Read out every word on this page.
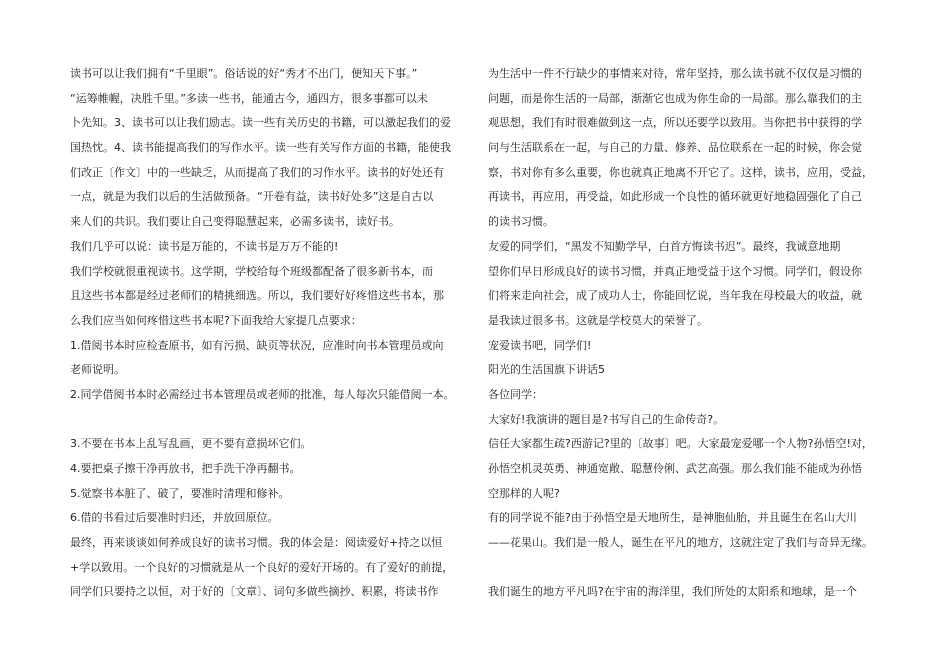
读书可以让我们拥有“千里眼”。俗话说的好“秀才不出门，便知天下事。”
“运筹帷幄，决胜千里。”多读一些书，能通古今，通四方，很多事都可以未
卜先知。3、读书可以让我们励志。读一些有关历史的书籍，可以激起我们的爱
国热忱。4、读书能提高我们的写作水平。读一些有关写作方面的书籍，能使我
们改正〔作文〕中的一些缺乏，从而提高了我们的习作水平。读书的好处还有
一点，就是为我们以后的生活做预备。“开卷有益，读书好处多”这是自古以
来人们的共识。我们要让自己变得聪慧起来，必需多读书，读好书。
我们几乎可以说：读书是万能的，不读书是万万不能的!
我们学校就很重视读书。这学期，学校给每个班级都配备了很多新书本，而
且这些书本都是经过老师们的精挑细选。所以，我们要好好疼惜这些书本，那
么我们应当如何疼惜这些书本呢?下面我给大家提几点要求：
1.借阅书本时应检查原书，如有污损、缺页等状况，应准时向书本管理员或向
老师说明。
2.同学借阅书本时必需经过书本管理员或老师的批准，每人每次只能借阅一本。
3.不要在书本上乱写乱画，更不要有意损坏它们。
4.要把桌子擦干净再放书，把手洗干净再翻书。
5.觉察书本脏了、破了，要准时清理和修补。
6.借的书看过后要准时归还，并放回原位。
最终，再来谈谈如何养成良好的读书习惯。我的体会是：阅读爱好+持之以恒
+学以致用。一个良好的习惯就是从一个良好的爱好开场的。有了爱好的前提，
同学们只要持之以恒，对于好的〔文章〕、词句多做些摘抄、积累，将读书作
为生活中一件不行缺少的事情来对待，常年坚持，那么读书就不仅仅是习惯的
问题，而是你生活的一局部，渐渐它也成为你生命的一局部。那么靠我们的主
观思想，我们有时很难做到这一点，所以还要学以致用。当你把书中获得的学
问与生活联系在一起，与自己的力量、修养、品位联系在一起的时候，你会觉
察，书对你有多么重要，你也就真正地离不开它了。这样，读书，应用，受益，
再读书，再应用，再受益，如此形成一个良性的循环就更好地稳固强化了自己
的读书习惯。
友爱的同学们，“黑发不知勤学早，白首方悔读书迟”。最终，我诚意地期
望你们早日形成良好的读书习惯，并真正地受益于这个习惯。同学们，假设你
们将来走向社会，成了成功人士，你能回忆说，当年我在母校最大的收益，就
是我读过很多书。这就是学校莫大的荣誉了。
宠爱读书吧，同学们!
阳光的生活国旗下讲话5
各位同学：
大家好!我演讲的题目是?书写自己的生命传奇?。
信任大家都生疏?西游记?里的〔故事〕吧。大家最宠爱哪一个人物?孙悟空!对，
孙悟空机灵英勇、神通宽敞、聪慧伶俐、武艺高强。那么我们能不能成为孙悟
空那样的人呢?
有的同学说不能?由于孙悟空是天地所生，是神胞仙胎，并且诞生在名山大川
——花果山。我们是一般人，诞生在平凡的地方，这就注定了我们与奇异无缘。
我们诞生的地方平凡吗?在宇宙的海洋里，我们所处的太阳系和地球，是一个
